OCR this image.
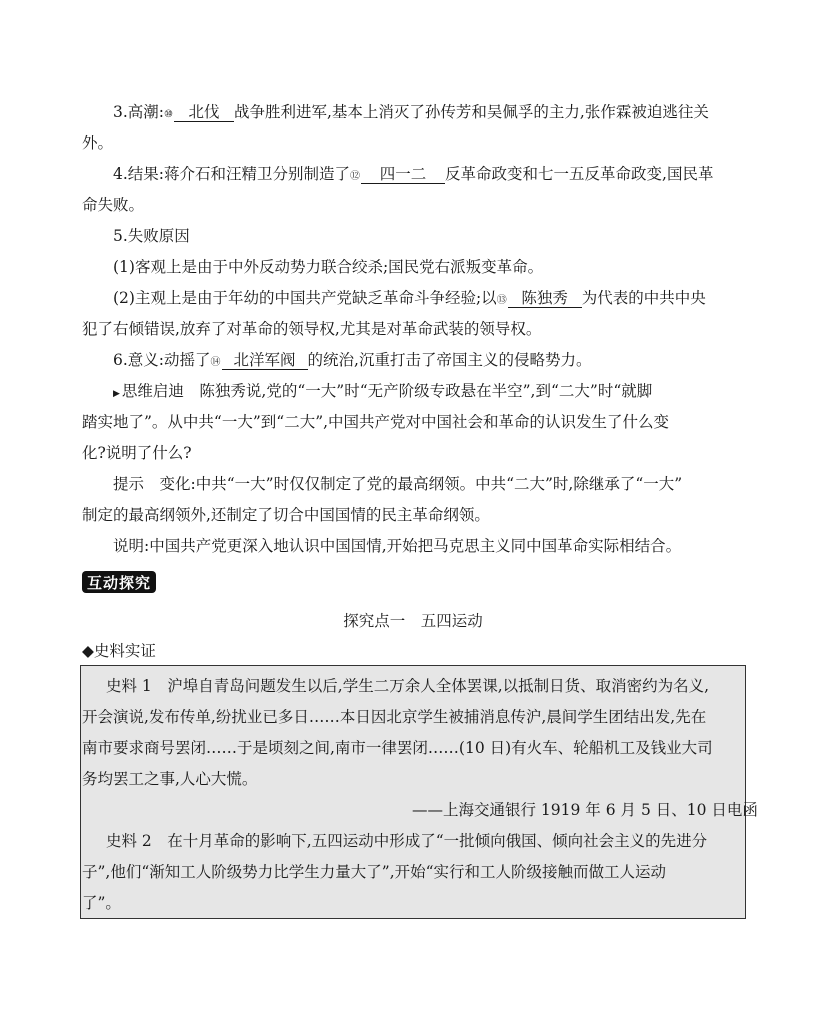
3.高潮:⑩ 北伐 战争胜利进军,基本上消灭了孙传芳和吴佩孚的主力,张作霖被迫逃往关
外。
4.结果:蒋介石和汪精卫分别制造了⑫ 四一二 反革命政变和七一五反革命政变,国民革
命失败。
5.失败原因
(1)客观上是由于中外反动势力联合绞杀;国民党右派叛变革命。
(2)主观上是由于年幼的中国共产党缺乏革命斗争经验;以⑬ 陈独秀 为代表的中共中央
犯了右倾错误,放弃了对革命的领导权,尤其是对革命武装的领导权。
6.意义:动摇了⑭ 北洋军阀 的统治,沉重打击了帝国主义的侵略势力。
▶ 思维启迪　陈独秀说,党的“一大”时“无产阶级专政悬在半空”,到“二大”时“就脚
踏实地了”。从中共“一大”到“二大”,中国共产党对中国社会和革命的认识发生了什么变
化?说明了什么?
提示　变化:中共“一大”时仅仅制定了党的最高纲领。中共“二大”时,除继承了“一大”
制定的最高纲领外,还制定了切合中国国情的民主革命纲领。
说明:中国共产党更深入地认识中国国情,开始把马克思主义同中国革命实际相结合。
互动探究
探究点一　五四运动
◆史料实证
史料 1　沪埠自青岛问题发生以后,学生二万余人全体罢课,以抵制日货、取消密约为名义,
开会演说,发布传单,纷扰业已多日……本日因北京学生被捕消息传沪,晨间学生团结出发,先在
南市要求商号罢闭……于是顷刻之间,南市一律罢闭……(10 日)有火车、轮船机工及钱业大司
务均罢工之事,人心大慌。
——上海交通银行 1919 年 6 月 5 日、10 日电函
史料 2　在十月革命的影响下,五四运动中形成了“一批倾向俄国、倾向社会主义的先进分
子”,他们“渐知工人阶级势力比学生力量大了”,开始“实行和工人阶级接触而做工人运动
了”。
